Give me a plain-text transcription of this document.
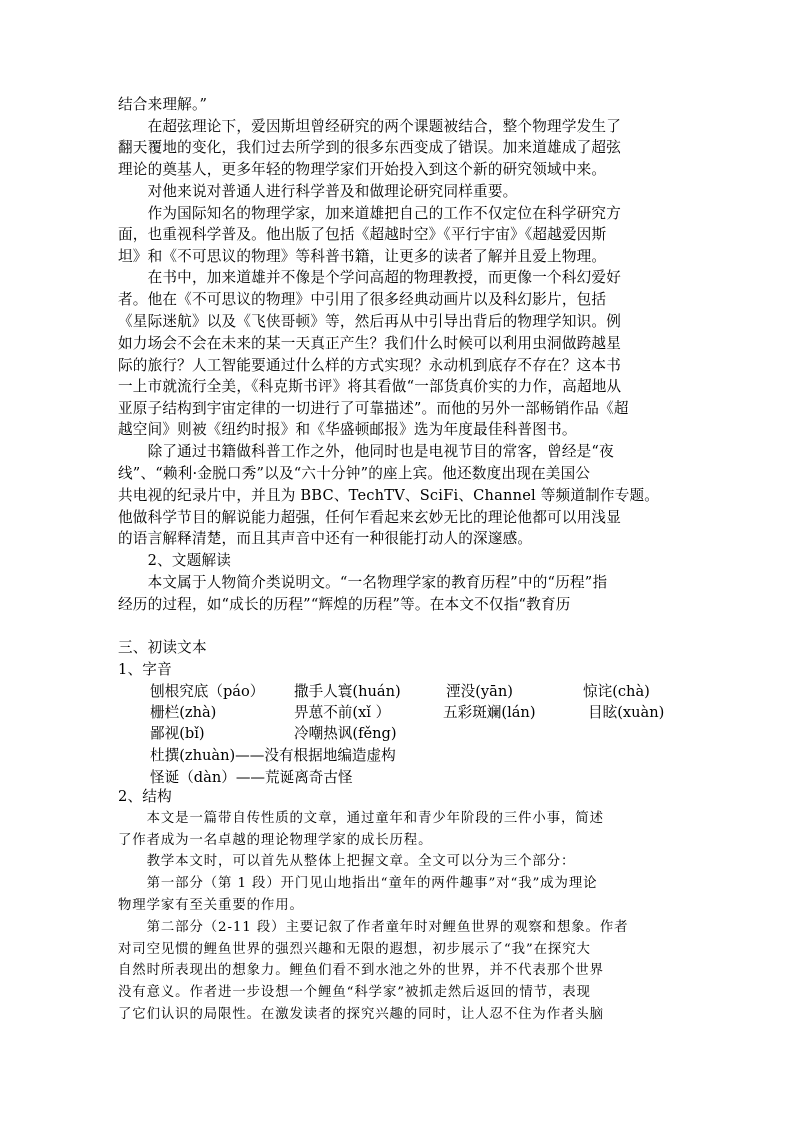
结合来理解。”
　　在超弦理论下，爱因斯坦曾经研究的两个课题被结合，整个物理学发生了
翻天覆地的变化，我们过去所学到的很多东西变成了错误。加来道雄成了超弦
理论的奠基人，更多年轻的物理学家们开始投入到这个新的研究领域中来。
　　对他来说对普通人进行科学普及和做理论研究同样重要。
　　作为国际知名的物理学家，加来道雄把自己的工作不仅定位在科学研究方
面，也重视科学普及。他出版了包括《超越时空》《平行宇宙》《超越爱因斯
坦》和《不可思议的物理》等科普书籍，让更多的读者了解并且爱上物理。
　　在书中，加来道雄并不像是个学问高超的物理教授，而更像一个科幻爱好
者。他在《不可思议的物理》中引用了很多经典动画片以及科幻影片，包括
《星际迷航》以及《飞侠哥顿》等，然后再从中引导出背后的物理学知识。例
如力场会不会在未来的某一天真正产生？我们什么时候可以利用虫洞做跨越星
际的旅行？人工智能要通过什么样的方式实现？永动机到底存不存在？这本书
一上市就流行全美，《科克斯书评》将其看做“一部货真价实的力作，高超地从
亚原子结构到宇宙定律的一切进行了可靠描述”。而他的另外一部畅销作品《超
越空间》则被《纽约时报》和《华盛顿邮报》选为年度最佳科普图书。
　　除了通过书籍做科普工作之外，他同时也是电视节目的常客，曾经是“夜
线”、“赖利·金脱口秀”以及“六十分钟”的座上宾。他还数度出现在美国公
共电视的纪录片中，并且为 BBC、TechTV、SciFi、Channel 等频道制作专题。
他做科学节目的解说能力超强，任何乍看起来玄妙无比的理论他都可以用浅显
的语言解释清楚，而且其声音中还有一种很能打动人的深邃感。
　　2、文题解读
　　本文属于人物简介类说明文。“一名物理学家的教育历程”中的“历程”指
经历的过程，如“成长的历程”“辉煌的历程”等。在本文不仅指“教育历
三、初读文本
1、字音
刨根究底（páo） 撒手人寰(huán)	湮没(yān)	惊诧(chà)
栅栏(zhà)	畀葸不前(xǐ ）	五彩斑斓(lán)	目眩(xuàn)
鄙视(bǐ)	冷嘲热讽(fěng)
杜撰(zhuàn)——没有根据地编造虚构
怪诞（dàn）——荒诞离奇古怪
2、结构
　　本文是一篇带自传性质的文章，通过童年和青少年阶段的三件小事，简述
了作者成为一名卓越的理论物理学家的成长历程。
　　教学本文时，可以首先从整体上把握文章。全文可以分为三个部分：
　　第一部分（第 1 段）开门见山地指出“童年的两件趣事”对“我”成为理论
物理学家有至关重要的作用。
　　第二部分（2-11 段）主要记叙了作者童年时对鲤鱼世界的观察和想象。作者
对司空见惯的鲤鱼世界的强烈兴趣和无限的遐想，初步展示了“我”在探究大
自然时所表现出的想象力。鲤鱼们看不到水池之外的世界，并不代表那个世界
没有意义。作者进一步设想一个鲤鱼“科学家”被抓走然后返回的情节，表现
了它们认识的局限性。在激发读者的探究兴趣的同时，让人忍不住为作者头脑
